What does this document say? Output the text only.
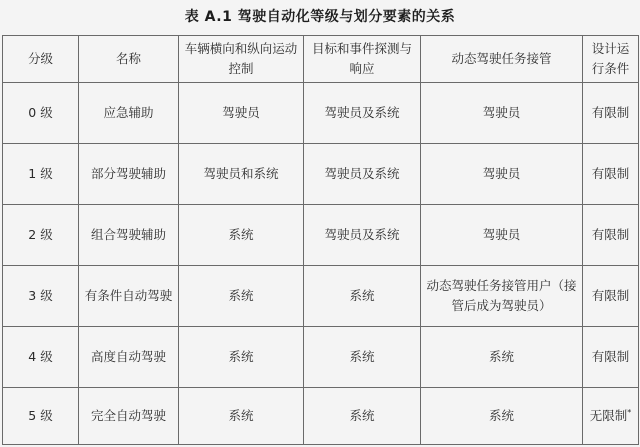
表 A.1 驾驶自动化等级与划分要素的关系
分级	名称	车辆横向和纵向运动控制	目标和事件探测与响应	动态驾驶任务接管	设计运行条件
0 级	应急辅助	驾驶员	驾驶员及系统	驾驶员	有限制
1 级	部分驾驶辅助	驾驶员和系统	驾驶员及系统	驾驶员	有限制
2 级	组合驾驶辅助	系统	驾驶员及系统	驾驶员	有限制
3 级	有条件自动驾驶	系统	系统	动态驾驶任务接管用户（接管后成为驾驶员）	有限制
4 级	高度自动驾驶	系统	系统	系统	有限制
5 级	完全自动驾驶	系统	系统	系统	无限制*
